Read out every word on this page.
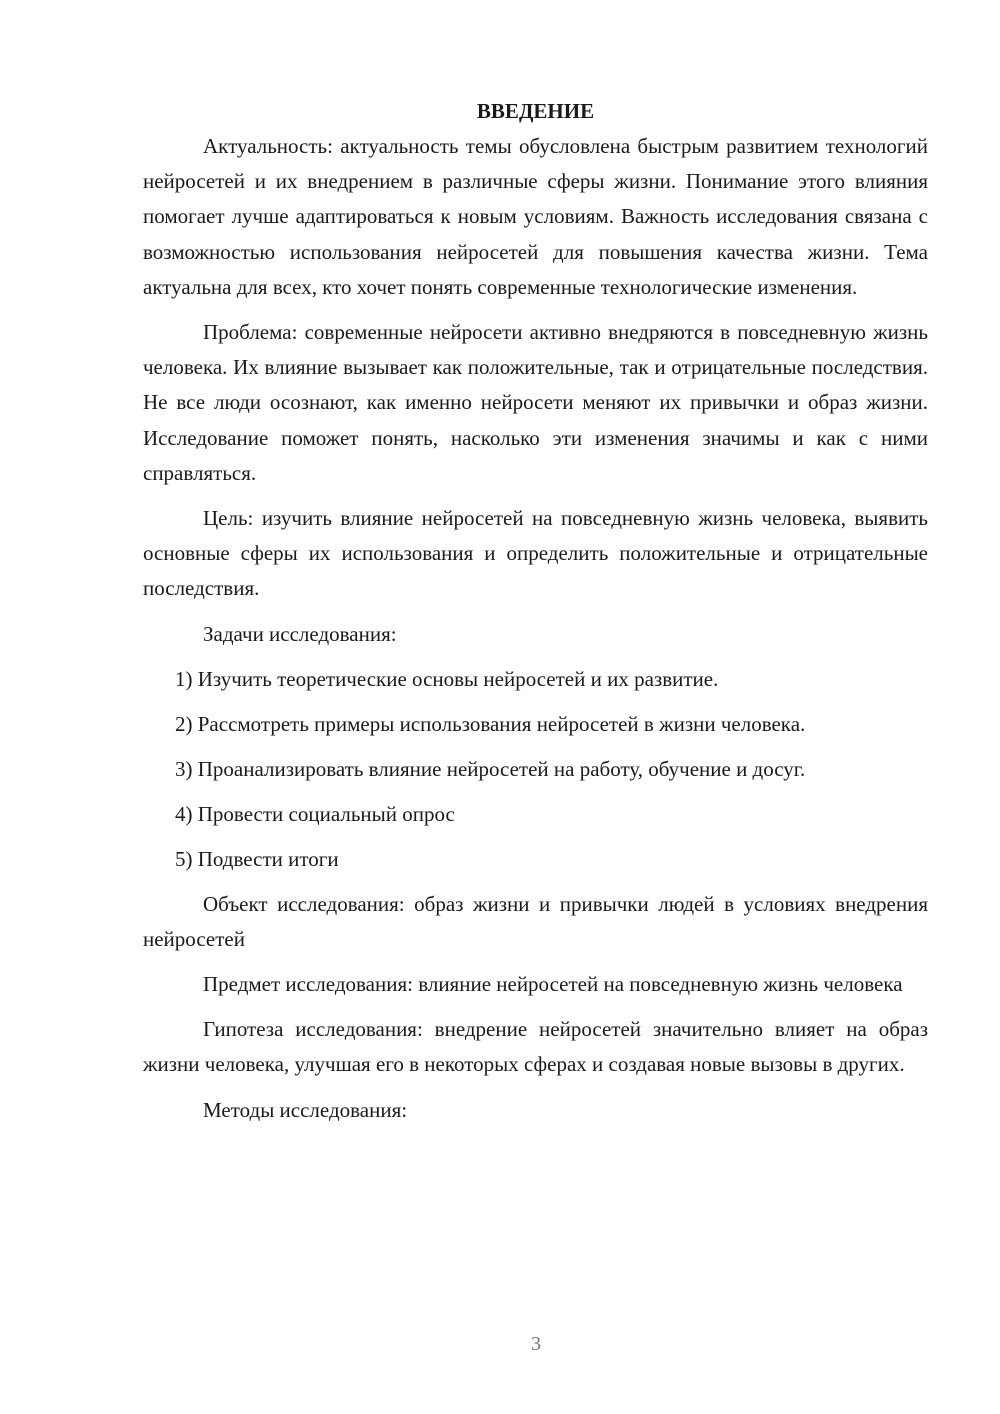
ВВЕДЕНИЕ

Актуальность: актуальность темы обусловлена быстрым развитием технологий нейросетей и их внедрением в различные сферы жизни. Понимание этого влияния помогает лучше адаптироваться к новым условиям. Важность исследования связана с возможностью использования нейросетей для повышения качества жизни. Тема актуальна для всех, кто хочет понять современные технологические изменения.

Проблема: современные нейросети активно внедряются в повседневную жизнь человека. Их влияние вызывает как положительные, так и отрицательные последствия. Не все люди осознают, как именно нейросети меняют их привычки и образ жизни. Исследование поможет понять, насколько эти изменения значимы и как с ними справляться.

Цель: изучить влияние нейросетей на повседневную жизнь человека, выявить основные сферы их использования и определить положительные и отрицательные последствия.

Задачи исследования:

1) Изучить теоретические основы нейросетей и их развитие.
2) Рассмотреть примеры использования нейросетей в жизни человека.
3) Проанализировать влияние нейросетей на работу, обучение и досуг.
4) Провести социальный опрос
5) Подвести итоги

Объект исследования: образ жизни и привычки людей в условиях внедрения нейросетей

Предмет исследования: влияние нейросетей на повседневную жизнь человека

Гипотеза исследования: внедрение нейросетей значительно влияет на образ жизни человека, улучшая его в некоторых сферах и создавая новые вызовы в других.

Методы исследования:

3
